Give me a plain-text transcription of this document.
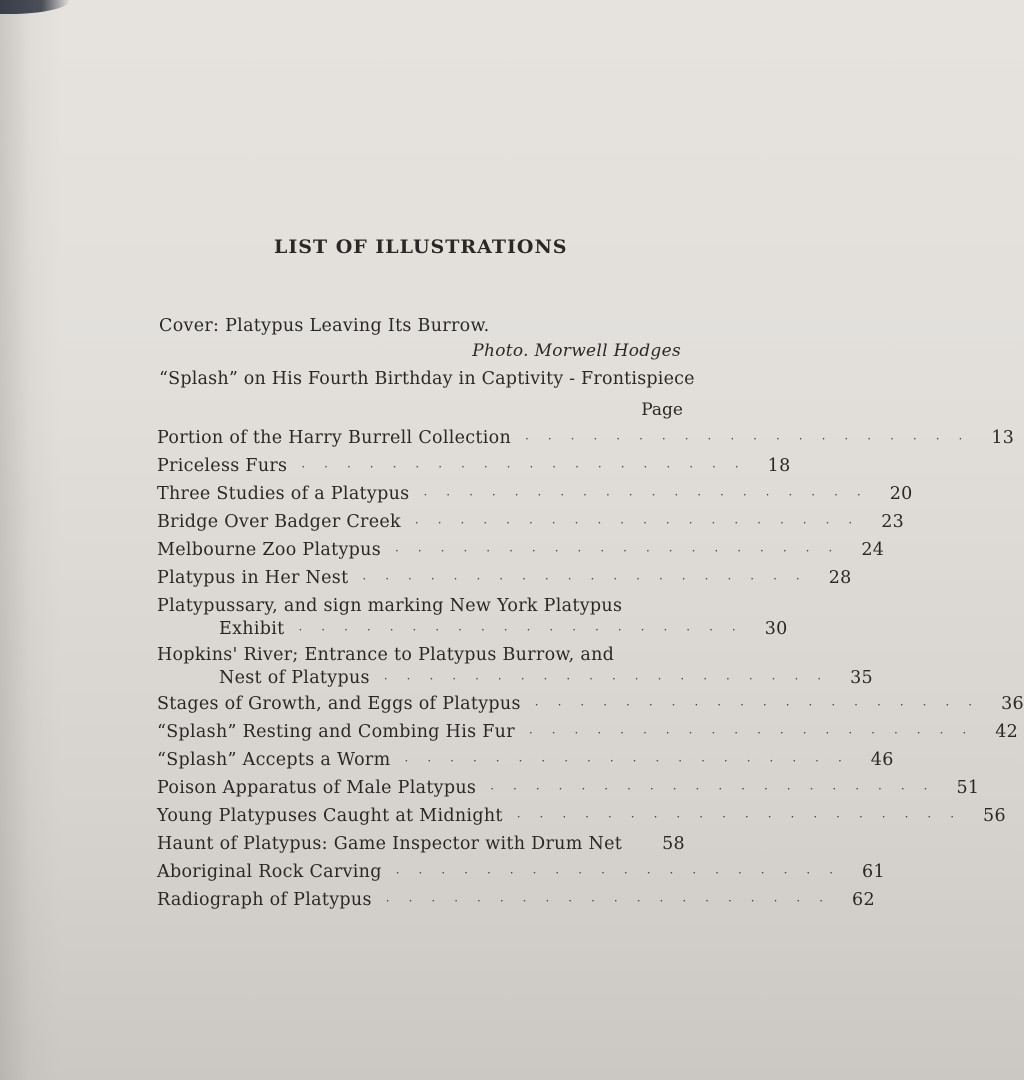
LIST OF ILLUSTRATIONS
Cover: Platypus Leaving Its Burrow.
Photo. Morwell Hodges
“Splash” on His Fourth Birthday in Captivity - Frontispiece
Page
Portion of the Harry Burrell Collection ···················· 13
Priceless Furs ···················· 18
Three Studies of a Platypus ···················· 20
Bridge Over Badger Creek ···················· 23
Melbourne Zoo Platypus ···················· 24
Platypus in Her Nest ···················· 28
Platypussary, and sign marking New York Platypus
Exhibit ···················· 30
Hopkins' River; Entrance to Platypus Burrow, and
Nest of Platypus ···················· 35
Stages of Growth, and Eggs of Platypus ···················· 36
“Splash” Resting and Combing His Fur ···················· 42
“Splash” Accepts a Worm ···················· 46
Poison Apparatus of Male Platypus ···················· 51
Young Platypuses Caught at Midnight ···················· 56
Haunt of Platypus: Game Inspector with Drum Net	58
Aboriginal Rock Carving ···················· 61
Radiograph of Platypus ···················· 62
